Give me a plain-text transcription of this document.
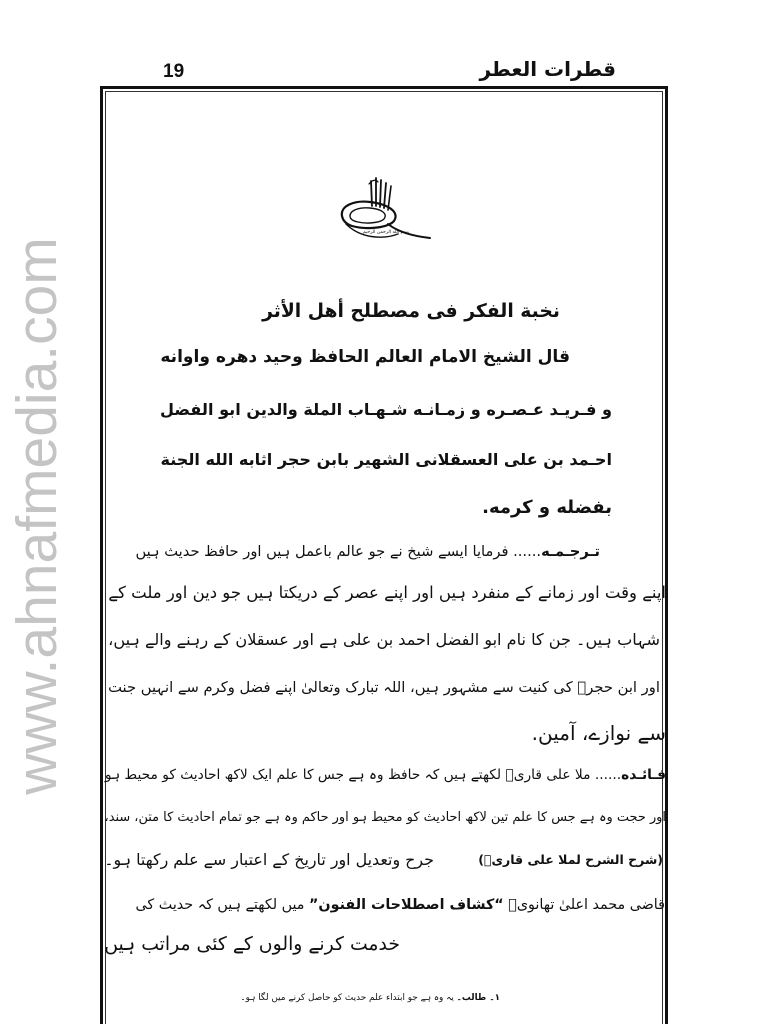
www.ahnafmedia.com
19	قطرات العطر
بسم الله الرحمن الرحيم
نخبة الفكر فى مصطلح أهل الأثر
قال الشيخ الامام العالم الحافظ وحيد دهره واوانه
و فـريـد عـصـره و زمـانـه شـهـاب الملة والدين ابو الفضل
احـمد بن على العسقلانى الشهير بابن حجر اثابه الله الجنة
بفضله و كرمه.
تـرجـمـه...... فرمایا ایسے شیخ نے جو عالم باعمل ہیں اور حافظ حدیث ہیں
اپنے وقت اور زمانے کے منفرد ہیں اور اپنے عصر کے دریکتا ہیں جو دین اور ملت کے
شہاب ہیں۔ جن کا نام ابو الفضل احمد بن علی ہے اور عسقلان کے رہنے والے ہیں،
اور ابن حجرؒ کی کنیت سے مشہور ہیں، اللہ تبارک وتعالیٰ اپنے فضل وکرم سے انہیں جنت
سے نوازے، آمین.
فـائـده...... ملا علی قاریؒ لکھتے ہیں کہ حافظ وہ ہے جس کا علم ایک لاکھ احادیث کو محیط ہو
اور حجت وہ ہے جس کا علم تین لاکھ احادیث کو محیط ہو اور حاکم وہ ہے جو تمام احادیث کا متن، سند،
جرح وتعدیل اور تاریخ کے اعتبار سے علم رکھتا ہو۔	(شرح الشرح لملا علی قاریؒ)
قاضی محمد اعلیٰ تھانویؒ “کشاف اصطلاحات الفنون” میں لکھتے ہیں کہ حدیث کی
خدمت کرنے والوں کے کئی مراتب ہیں
۱۔ طالب۔ یہ وہ ہے جو ابتداء علم حدیث کو حاصل کرنے میں لگا ہو۔
